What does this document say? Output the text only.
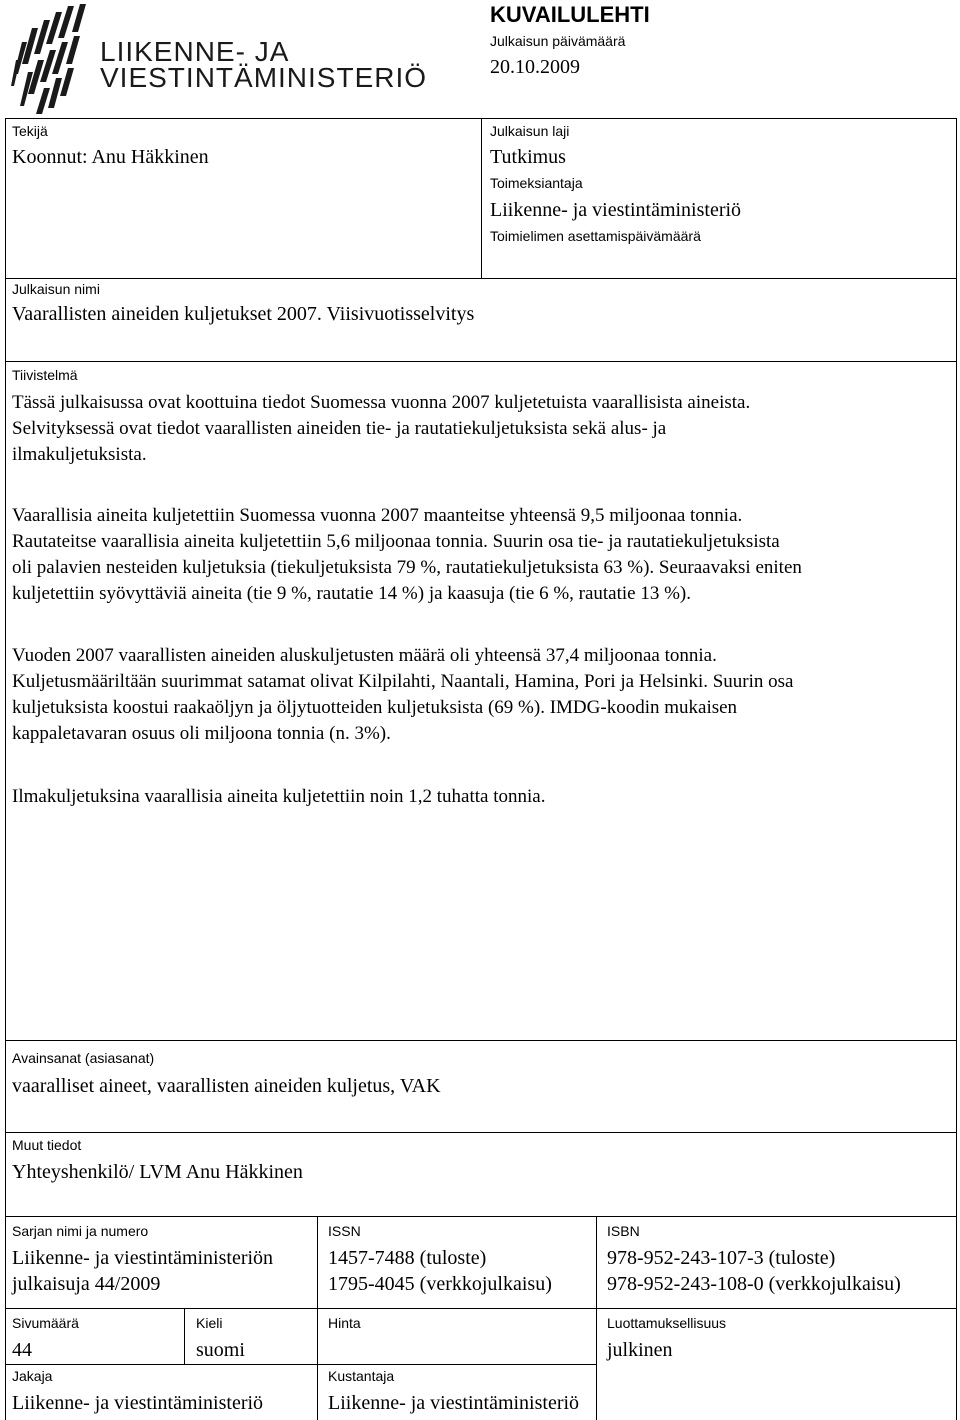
LIIKENNE- JA
VIESTINTÄMINISTERIÖ
KUVAILULEHTI
Julkaisun päivämäärä
20.10.2009
Tekijä
Koonnut: Anu Häkkinen
Julkaisun laji
Tutkimus
Toimeksiantaja
Liikenne- ja viestintäministeriö
Toimielimen asettamispäivämäärä
Julkaisun nimi
Vaarallisten aineiden kuljetukset 2007. Viisivuotisselvitys
Tiivistelmä
Tässä julkaisussa ovat koottuina tiedot Suomessa vuonna 2007 kuljetetuista vaarallisista aineista.
Selvityksessä ovat tiedot vaarallisten aineiden tie- ja rautatiekuljetuksista sekä alus- ja
ilmakuljetuksista.
Vaarallisia aineita kuljetettiin Suomessa vuonna 2007 maanteitse yhteensä 9,5 miljoonaa tonnia.
Rautateitse vaarallisia aineita kuljetettiin 5,6 miljoonaa tonnia. Suurin osa tie- ja rautatiekuljetuksista
oli palavien nesteiden kuljetuksia (tiekuljetuksista 79 %, rautatiekuljetuksista 63 %). Seuraavaksi eniten
kuljetettiin syövyttäviä aineita (tie 9 %, rautatie 14 %) ja kaasuja (tie 6 %, rautatie 13 %).
Vuoden 2007 vaarallisten aineiden aluskuljetusten määrä oli yhteensä 37,4 miljoonaa tonnia.
Kuljetusmääriltään suurimmat satamat olivat Kilpilahti, Naantali, Hamina, Pori ja Helsinki. Suurin osa
kuljetuksista koostui raakaöljyn ja öljytuotteiden kuljetuksista (69 %). IMDG-koodin mukaisen
kappaletavaran osuus oli miljoona tonnia (n. 3%).
Ilmakuljetuksina vaarallisia aineita kuljetettiin noin 1,2 tuhatta tonnia.
Avainsanat (asiasanat)
vaaralliset aineet, vaarallisten aineiden kuljetus, VAK
Muut tiedot
Yhteyshenkilö/ LVM Anu Häkkinen
Sarjan nimi ja numero
Liikenne- ja viestintäministeriön
julkaisuja 44/2009
ISSN
1457-7488 (tuloste)
1795-4045 (verkkojulkaisu)
ISBN
978-952-243-107-3 (tuloste)
978-952-243-108-0 (verkkojulkaisu)
Sivumäärä
44
Kieli
suomi
Hinta	Luottamuksellisuus
julkinen
Jakaja
Liikenne- ja viestintäministeriö
Kustantaja
Liikenne- ja viestintäministeriö
